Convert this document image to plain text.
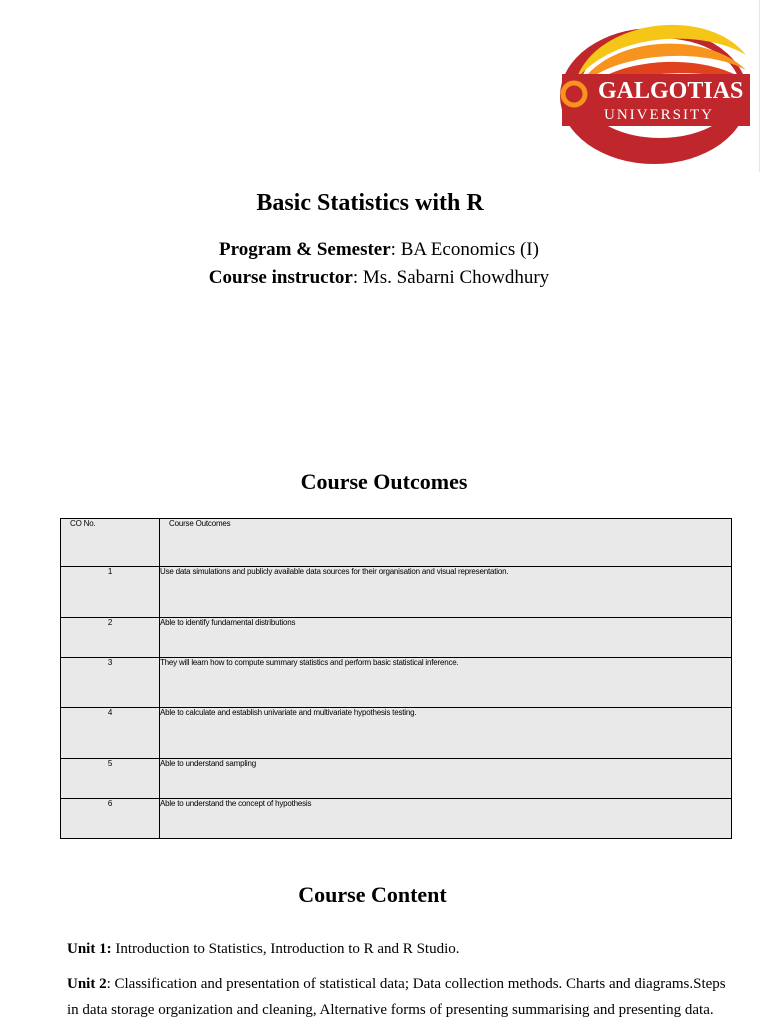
GALGOTIAS
UNIVERSITY
Basic Statistics with R
Program & Semester: BA Economics (I)
Course instructor: Ms. Sabarni Chowdhury
Course Outcomes
CO No.	Course Outcomes
1	Use data simulations and publicly available data sources for their organisation and visual representation.
2	Able to identify fundamental distributions
3	They will learn how to compute summary statistics and perform basic statistical inference.
4	Able to calculate and establish univariate and multivariate hypothesis testing.
5	Able to understand sampling
6	Able to understand the concept of hypothesis
Course Content
Unit 1: Introduction to Statistics, Introduction to R and R Studio.
Unit 2: Classification and presentation of statistical data; Data collection methods. Charts and diagrams.Steps in data storage organization and cleaning, Alternative forms of presenting summarising and presenting data.
